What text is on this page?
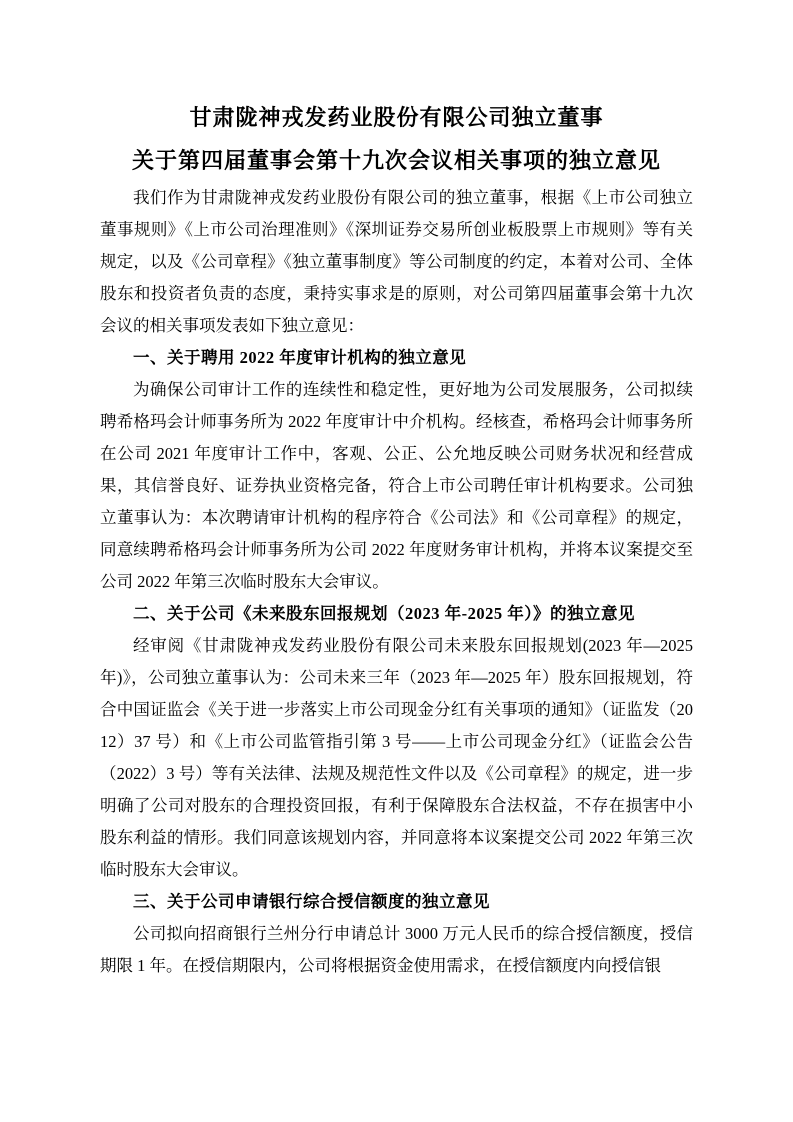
甘肃陇神戎发药业股份有限公司独立董事
关于第四届董事会第十九次会议相关事项的独立意见

我们作为甘肃陇神戎发药业股份有限公司的独立董事，根据《上市公司独立董事规则》《上市公司治理准则》《深圳证券交易所创业板股票上市规则》等有关规定，以及《公司章程》《独立董事制度》等公司制度的约定，本着对公司、全体股东和投资者负责的态度，秉持实事求是的原则，对公司第四届董事会第十九次会议的相关事项发表如下独立意见：

一、关于聘用 2022 年度审计机构的独立意见

为确保公司审计工作的连续性和稳定性，更好地为公司发展服务，公司拟续聘希格玛会计师事务所为 2022 年度审计中介机构。经核查，希格玛会计师事务所在公司 2021 年度审计工作中，客观、公正、公允地反映公司财务状况和经营成果，其信誉良好、证券执业资格完备，符合上市公司聘任审计机构要求。公司独立董事认为：本次聘请审计机构的程序符合《公司法》和《公司章程》的规定，同意续聘希格玛会计师事务所为公司 2022 年度财务审计机构，并将本议案提交至公司 2022 年第三次临时股东大会审议。

二、关于公司《未来股东回报规划（2023 年-2025 年）》的独立意见

经审阅《甘肃陇神戎发药业股份有限公司未来股东回报规划(2023 年—2025 年)》，公司独立董事认为：公司未来三年（2023 年—2025 年）股东回报规划，符合中国证监会《关于进一步落实上市公司现金分红有关事项的通知》（证监发（2012）37 号）和《上市公司监管指引第 3 号——上市公司现金分红》（证监会公告（2022）3 号）等有关法律、法规及规范性文件以及《公司章程》的规定，进一步明确了公司对股东的合理投资回报，有利于保障股东合法权益，不存在损害中小股东利益的情形。我们同意该规划内容，并同意将本议案提交公司 2022 年第三次临时股东大会审议。

三、关于公司申请银行综合授信额度的独立意见

公司拟向招商银行兰州分行申请总计 3000 万元人民币的综合授信额度，授信期限 1 年。在授信期限内，公司将根据资金使用需求，在授信额度内向授信银
